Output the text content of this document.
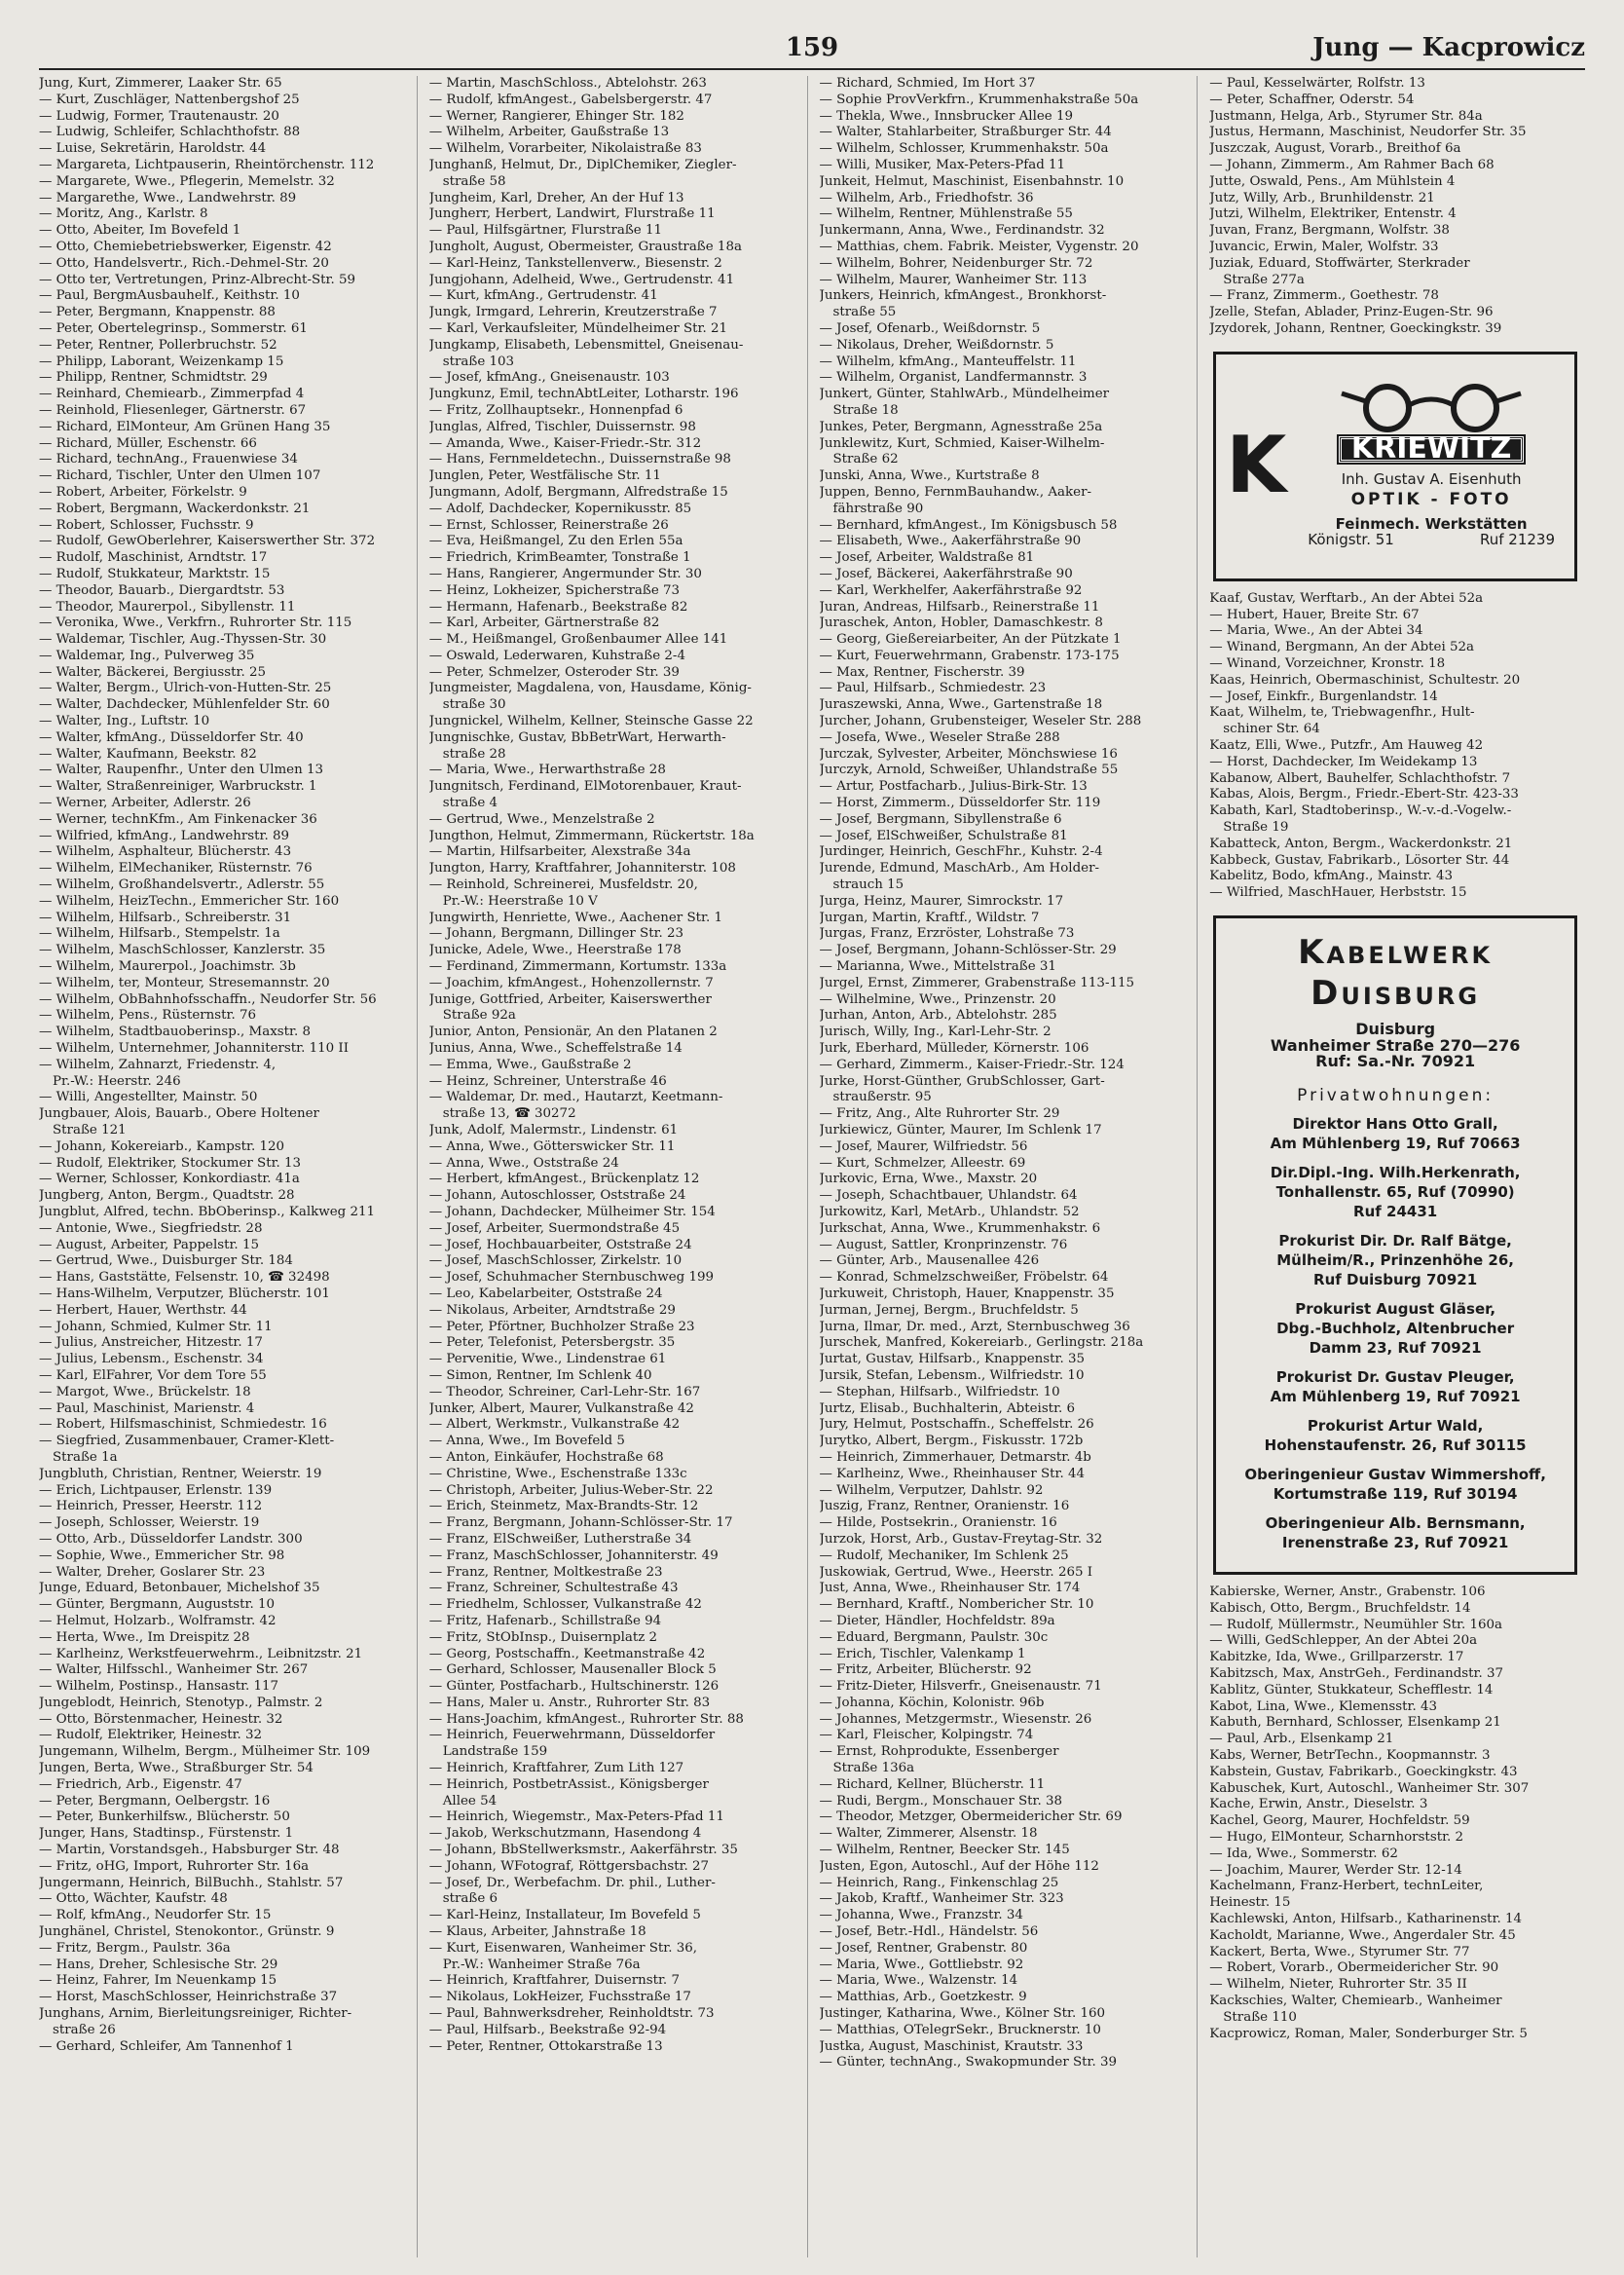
159	Jung — Kacprowicz
Jung, Kurt, Zimmerer, Laaker Str. 65
— Kurt, Zuschläger, Nattenbergshof 25
— Ludwig, Former, Trautenaustr. 20
— Ludwig, Schleifer, Schlachthofstr. 88
— Luise, Sekretärin, Haroldstr. 44
— Margareta, Lichtpauserin, Rheintörchenstr. 112
— Margarete, Wwe., Pflegerin, Memelstr. 32
— Margarethe, Wwe., Landwehrstr. 89
— Moritz, Ang., Karlstr. 8
— Otto, Abeiter, Im Bovefeld 1
— Otto, Chemiebetriebswerker, Eigenstr. 42
— Otto, Handelsvertr., Rich.-Dehmel-Str. 20
— Otto ter, Vertretungen, Prinz-Albrecht-Str. 59
— Paul, BergmAusbauhelf., Keithstr. 10
— Peter, Bergmann, Knappenstr. 88
— Peter, Obertelegrinsp., Sommerstr. 61
— Peter, Rentner, Pollerbruchstr. 52
— Philipp, Laborant, Weizenkamp 15
— Philipp, Rentner, Schmidtstr. 29
— Reinhard, Chemiearb., Zimmerpfad 4
— Reinhold, Fliesenleger, Gärtnerstr. 67
— Richard, ElMonteur, Am Grünen Hang 35
— Richard, Müller, Eschenstr. 66
— Richard, technAng., Frauenwiese 34
— Richard, Tischler, Unter den Ulmen 107
— Robert, Arbeiter, Förkelstr. 9
— Robert, Bergmann, Wackerdonkstr. 21
— Robert, Schlosser, Fuchsstr. 9
— Rudolf, GewOberlehrer, Kaiserswerther Str. 372
— Rudolf, Maschinist, Arndtstr. 17
— Rudolf, Stukkateur, Marktstr. 15
— Theodor, Bauarb., Diergardtstr. 53
— Theodor, Maurerpol., Sibyllenstr. 11
— Veronika, Wwe., Verkfrn., Ruhrorter Str. 115
— Waldemar, Tischler, Aug.-Thyssen-Str. 30
— Waldemar, Ing., Pulverweg 35
— Walter, Bäckerei, Bergiusstr. 25
— Walter, Bergm., Ulrich-von-Hutten-Str. 25
— Walter, Dachdecker, Mühlenfelder Str. 60
— Walter, Ing., Luftstr. 10
— Walter, kfmAng., Düsseldorfer Str. 40
— Walter, Kaufmann, Beekstr. 82
— Walter, Raupenfhr., Unter den Ulmen 13
— Walter, Straßenreiniger, Warbruckstr. 1
— Werner, Arbeiter, Adlerstr. 26
— Werner, technKfm., Am Finkenacker 36
— Wilfried, kfmAng., Landwehrstr. 89
— Wilhelm, Asphalteur, Blücherstr. 43
— Wilhelm, ElMechaniker, Rüsternstr. 76
— Wilhelm, Großhandelsvertr., Adlerstr. 55
— Wilhelm, HeizTechn., Emmericher Str. 160
— Wilhelm, Hilfsarb., Schreiberstr. 31
— Wilhelm, Hilfsarb., Stempelstr. 1a
— Wilhelm, MaschSchlosser, Kanzlerstr. 35
— Wilhelm, Maurerpol., Joachimstr. 3b
— Wilhelm, ter, Monteur, Stresemannstr. 20
— Wilhelm, ObBahnhofsschaffn., Neudorfer Str. 56
— Wilhelm, Pens., Rüsternstr. 76
— Wilhelm, Stadtbauoberinsp., Maxstr. 8
— Wilhelm, Unternehmer, Johanniterstr. 110 II
— Wilhelm, Zahnarzt, Friedenstr. 4,
Pr.-W.: Heerstr. 246
— Willi, Angestellter, Mainstr. 50
Jungbauer, Alois, Bauarb., Obere Holtener
Straße 121
— Johann, Kokereiarb., Kampstr. 120
— Rudolf, Elektriker, Stockumer Str. 13
— Werner, Schlosser, Konkordiastr. 41a
Jungberg, Anton, Bergm., Quadtstr. 28
Jungblut, Alfred, techn. BbOberinsp., Kalkweg 211
— Antonie, Wwe., Siegfriedstr. 28
— August, Arbeiter, Pappelstr. 15
— Gertrud, Wwe., Duisburger Str. 184
— Hans, Gaststätte, Felsenstr. 10, ☎ 32498
— Hans-Wilhelm, Verputzer, Blücherstr. 101
— Herbert, Hauer, Werthstr. 44
— Johann, Schmied, Kulmer Str. 11
— Julius, Anstreicher, Hitzestr. 17
— Julius, Lebensm., Eschenstr. 34
— Karl, ElFahrer, Vor dem Tore 55
— Margot, Wwe., Brückelstr. 18
— Paul, Maschinist, Marienstr. 4
— Robert, Hilfsmaschinist, Schmiedestr. 16
— Siegfried, Zusammenbauer, Cramer-Klett-
Straße 1a
Jungbluth, Christian, Rentner, Weierstr. 19
— Erich, Lichtpauser, Erlenstr. 139
— Heinrich, Presser, Heerstr. 112
— Joseph, Schlosser, Weierstr. 19
— Otto, Arb., Düsseldorfer Landstr. 300
— Sophie, Wwe., Emmericher Str. 98
— Walter, Dreher, Goslarer Str. 23
Junge, Eduard, Betonbauer, Michelshof 35
— Günter, Bergmann, Auguststr. 10
— Helmut, Holzarb., Wolframstr. 42
— Herta, Wwe., Im Dreispitz 28
— Karlheinz, Werkstfeuerwehrm., Leibnitzstr. 21
— Walter, Hilfsschl., Wanheimer Str. 267
— Wilhelm, Postinsp., Hansastr. 117
Jungeblodt, Heinrich, Stenotyp., Palmstr. 2
— Otto, Börstenmacher, Heinestr. 32
— Rudolf, Elektriker, Heinestr. 32
Jungemann, Wilhelm, Bergm., Mülheimer Str. 109
Jungen, Berta, Wwe., Straßburger Str. 54
— Friedrich, Arb., Eigenstr. 47
— Peter, Bergmann, Oelbergstr. 16
— Peter, Bunkerhilfsw., Blücherstr. 50
Junger, Hans, Stadtinsp., Fürstenstr. 1
— Martin, Vorstandsgeh., Habsburger Str. 48
— Fritz, oHG, Import, Ruhrorter Str. 16a
Jungermann, Heinrich, BilBuchh., Stahlstr. 57
— Otto, Wächter, Kaufstr. 48
— Rolf, kfmAng., Neudorfer Str. 15
Junghänel, Christel, Stenokontor., Grünstr. 9
— Fritz, Bergm., Paulstr. 36a
— Hans, Dreher, Schlesische Str. 29
— Heinz, Fahrer, Im Neuenkamp 15
— Horst, MaschSchlosser, Heinrichstraße 37
Junghans, Arnim, Bierleitungsreiniger, Richter-
straße 26
— Gerhard, Schleifer, Am Tannenhof 1
— Martin, MaschSchloss., Abtelohstr. 263
— Rudolf, kfmAngest., Gabelsbergerstr. 47
— Werner, Rangierer, Ehinger Str. 182
— Wilhelm, Arbeiter, Gaußstraße 13
— Wilhelm, Vorarbeiter, Nikolaistraße 83
Junghanß, Helmut, Dr., DiplChemiker, Ziegler-
straße 58
Jungheim, Karl, Dreher, An der Huf 13
Jungherr, Herbert, Landwirt, Flurstraße 11
— Paul, Hilfsgärtner, Flurstraße 11
Jungholt, August, Obermeister, Graustraße 18a
— Karl-Heinz, Tankstellenverw., Biesenstr. 2
Jungjohann, Adelheid, Wwe., Gertrudenstr. 41
— Kurt, kfmAng., Gertrudenstr. 41
Jungk, Irmgard, Lehrerin, Kreutzerstraße 7
— Karl, Verkaufsleiter, Mündelheimer Str. 21
Jungkamp, Elisabeth, Lebensmittel, Gneisenau-
straße 103
— Josef, kfmAng., Gneisenaustr. 103
Jungkunz, Emil, technAbtLeiter, Lotharstr. 196
— Fritz, Zollhauptsekr., Honnenpfad 6
Junglas, Alfred, Tischler, Duissernstr. 98
— Amanda, Wwe., Kaiser-Friedr.-Str. 312
— Hans, Fernmeldetechn., Duissernstraße 98
Junglen, Peter, Westfälische Str. 11
Jungmann, Adolf, Bergmann, Alfredstraße 15
— Adolf, Dachdecker, Kopernikusstr. 85
— Ernst, Schlosser, Reinerstraße 26
— Eva, Heißmangel, Zu den Erlen 55a
— Friedrich, KrimBeamter, Tonstraße 1
— Hans, Rangierer, Angermunder Str. 30
— Heinz, Lokheizer, Spicherstraße 73
— Hermann, Hafenarb., Beekstraße 82
— Karl, Arbeiter, Gärtnerstraße 82
— M., Heißmangel, Großenbaumer Allee 141
— Oswald, Lederwaren, Kuhstraße 2-4
— Peter, Schmelzer, Osteroder Str. 39
Jungmeister, Magdalena, von, Hausdame, König-
straße 30
Jungnickel, Wilhelm, Kellner, Steinsche Gasse 22
Jungnischke, Gustav, BbBetrWart, Herwarth-
straße 28
— Maria, Wwe., Herwarthstraße 28
Jungnitsch, Ferdinand, ElMotorenbauer, Kraut-
straße 4
— Gertrud, Wwe., Menzelstraße 2
Jungthon, Helmut, Zimmermann, Rückertstr. 18a
— Martin, Hilfsarbeiter, Alexstraße 34a
Jungton, Harry, Kraftfahrer, Johanniterstr. 108
— Reinhold, Schreinerei, Musfeldstr. 20,
Pr.-W.: Heerstraße 10 V
Jungwirth, Henriette, Wwe., Aachener Str. 1
— Johann, Bergmann, Dillinger Str. 23
Junicke, Adele, Wwe., Heerstraße 178
— Ferdinand, Zimmermann, Kortumstr. 133a
— Joachim, kfmAngest., Hohenzollernstr. 7
Junige, Gottfried, Arbeiter, Kaiserswerther
Straße 92a
Junior, Anton, Pensionär, An den Platanen 2
Junius, Anna, Wwe., Scheffelstraße 14
— Emma, Wwe., Gaußstraße 2
— Heinz, Schreiner, Unterstraße 46
— Waldemar, Dr. med., Hautarzt, Keetmann-
straße 13, ☎ 30272
Junk, Adolf, Malermstr., Lindenstr. 61
— Anna, Wwe., Götterswicker Str. 11
— Anna, Wwe., Oststraße 24
— Herbert, kfmAngest., Brückenplatz 12
— Johann, Autoschlosser, Oststraße 24
— Johann, Dachdecker, Mülheimer Str. 154
— Josef, Arbeiter, Suermondstraße 45
— Josef, Hochbauarbeiter, Oststraße 24
— Josef, MaschSchlosser, Zirkelstr. 10
— Josef, Schuhmacher Sternbuschweg 199
— Leo, Kabelarbeiter, Oststraße 24
— Nikolaus, Arbeiter, Arndtstraße 29
— Peter, Pförtner, Buchholzer Straße 23
— Peter, Telefonist, Petersbergstr. 35
— Pervenitie, Wwe., Lindenstrae 61
— Simon, Rentner, Im Schlenk 40
— Theodor, Schreiner, Carl-Lehr-Str. 167
Junker, Albert, Maurer, Vulkanstraße 42
— Albert, Werkmstr., Vulkanstraße 42
— Anna, Wwe., Im Bovefeld 5
— Anton, Einkäufer, Hochstraße 68
— Christine, Wwe., Eschenstraße 133c
— Christoph, Arbeiter, Julius-Weber-Str. 22
— Erich, Steinmetz, Max-Brandts-Str. 12
— Franz, Bergmann, Johann-Schlösser-Str. 17
— Franz, ElSchweißer, Lutherstraße 34
— Franz, MaschSchlosser, Johanniterstr. 49
— Franz, Rentner, Moltkestraße 23
— Franz, Schreiner, Schultestraße 43
— Friedhelm, Schlosser, Vulkanstraße 42
— Fritz, Hafenarb., Schillstraße 94
— Fritz, StObInsp., Duisernplatz 2
— Georg, Postschaffn., Keetmanstraße 42
— Gerhard, Schlosser, Mausenaller Block 5
— Günter, Postfacharb., Hultschinerstr. 126
— Hans, Maler u. Anstr., Ruhrorter Str. 83
— Hans-Joachim, kfmAngest., Ruhrorter Str. 88
— Heinrich, Feuerwehrmann, Düsseldorfer
Landstraße 159
— Heinrich, Kraftfahrer, Zum Lith 127
— Heinrich, PostbetrAssist., Königsberger
Allee 54
— Heinrich, Wiegemstr., Max-Peters-Pfad 11
— Jakob, Werkschutzmann, Hasendong 4
— Johann, BbStellwerksmstr., Aakerfährstr. 35
— Johann, WFotograf, Röttgersbachstr. 27
— Josef, Dr., Werbefachm. Dr. phil., Luther-
straße 6
— Karl-Heinz, Installateur, Im Bovefeld 5
— Klaus, Arbeiter, Jahnstraße 18
— Kurt, Eisenwaren, Wanheimer Str. 36,
Pr.-W.: Wanheimer Straße 76a
— Heinrich, Kraftfahrer, Duisernstr. 7
— Nikolaus, LokHeizer, Fuchsstraße 17
— Paul, Bahnwerksdreher, Reinholdtstr. 73
— Paul, Hilfsarb., Beekstraße 92-94
— Peter, Rentner, Ottokarstraße 13
— Richard, Schmied, Im Hort 37
— Sophie ProvVerkfrn., Krummenhakstraße 50a
— Thekla, Wwe., Innsbrucker Allee 19
— Walter, Stahlarbeiter, Straßburger Str. 44
— Wilhelm, Schlosser, Krummenhakstr. 50a
— Willi, Musiker, Max-Peters-Pfad 11
Junkeit, Helmut, Maschinist, Eisenbahnstr. 10
— Wilhelm, Arb., Friedhofstr. 36
— Wilhelm, Rentner, Mühlenstraße 55
Junkermann, Anna, Wwe., Ferdinandstr. 32
— Matthias, chem. Fabrik. Meister, Vygenstr. 20
— Wilhelm, Bohrer, Neidenburger Str. 72
— Wilhelm, Maurer, Wanheimer Str. 113
Junkers, Heinrich, kfmAngest., Bronkhorst-
straße 55
— Josef, Ofenarb., Weißdornstr. 5
— Nikolaus, Dreher, Weißdornstr. 5
— Wilhelm, kfmAng., Manteuffelstr. 11
— Wilhelm, Organist, Landfermannstr. 3
Junkert, Günter, StahlwArb., Mündelheimer
Straße 18
Junkes, Peter, Bergmann, Agnesstraße 25a
Junklewitz, Kurt, Schmied, Kaiser-Wilhelm-
Straße 62
Junski, Anna, Wwe., Kurtstraße 8
Juppen, Benno, FernmBauhandw., Aaker-
fährstraße 90
— Bernhard, kfmAngest., Im Königsbusch 58
— Elisabeth, Wwe., Aakerfährstraße 90
— Josef, Arbeiter, Waldstraße 81
— Josef, Bäckerei, Aakerfährstraße 90
— Karl, Werkhelfer, Aakerfährstraße 92
Juran, Andreas, Hilfsarb., Reinerstraße 11
Juraschek, Anton, Hobler, Damaschkestr. 8
— Georg, Gießereiarbeiter, An der Pützkate 1
— Kurt, Feuerwehrmann, Grabenstr. 173-175
— Max, Rentner, Fischerstr. 39
— Paul, Hilfsarb., Schmiedestr. 23
Juraszewski, Anna, Wwe., Gartenstraße 18
Jurcher, Johann, Grubensteiger, Weseler Str. 288
— Josefa, Wwe., Weseler Straße 288
Jurczak, Sylvester, Arbeiter, Mönchswiese 16
Jurczyk, Arnold, Schweißer, Uhlandstraße 55
— Artur, Postfacharb., Julius-Birk-Str. 13
— Horst, Zimmerm., Düsseldorfer Str. 119
— Josef, Bergmann, Sibyllenstraße 6
— Josef, ElSchweißer, Schulstraße 81
Jurdinger, Heinrich, GeschFhr., Kuhstr. 2-4
Jurende, Edmund, MaschArb., Am Holder-
strauch 15
Jurga, Heinz, Maurer, Simrockstr. 17
Jurgan, Martin, Kraftf., Wildstr. 7
Jurgas, Franz, Erzröster, Lohstraße 73
— Josef, Bergmann, Johann-Schlösser-Str. 29
— Marianna, Wwe., Mittelstraße 31
Jurgel, Ernst, Zimmerer, Grabenstraße 113-115
— Wilhelmine, Wwe., Prinzenstr. 20
Jurhan, Anton, Arb., Abtelohstr. 285
Jurisch, Willy, Ing., Karl-Lehr-Str. 2
Jurk, Eberhard, Mülleder, Körnerstr. 106
— Gerhard, Zimmerm., Kaiser-Friedr.-Str. 124
Jurke, Horst-Günther, GrubSchlosser, Gart-
straußerstr. 95
— Fritz, Ang., Alte Ruhrorter Str. 29
Jurkiewicz, Günter, Maurer, Im Schlenk 17
— Josef, Maurer, Wilfriedstr. 56
— Kurt, Schmelzer, Alleestr. 69
Jurkovic, Erna, Wwe., Maxstr. 20
— Joseph, Schachtbauer, Uhlandstr. 64
Jurkowitz, Karl, MetArb., Uhlandstr. 52
Jurkschat, Anna, Wwe., Krummenhakstr. 6
— August, Sattler, Kronprinzenstr. 76
— Günter, Arb., Mausenallee 426
— Konrad, Schmelzschweißer, Fröbelstr. 64
Jurkuweit, Christoph, Hauer, Knappenstr. 35
Jurman, Jernej, Bergm., Bruchfeldstr. 5
Jurna, Ilmar, Dr. med., Arzt, Sternbuschweg 36
Jurschek, Manfred, Kokereiarb., Gerlingstr. 218a
Jurtat, Gustav, Hilfsarb., Knappenstr. 35
Jursik, Stefan, Lebensm., Wilfriedstr. 10
— Stephan, Hilfsarb., Wilfriedstr. 10
Jurtz, Elisab., Buchhalterin, Abteistr. 6
Jury, Helmut, Postschaffn., Scheffelstr. 26
Jurytko, Albert, Bergm., Fiskusstr. 172b
— Heinrich, Zimmerhauer, Detmarstr. 4b
— Karlheinz, Wwe., Rheinhauser Str. 44
— Wilhelm, Verputzer, Dahlstr. 92
Juszig, Franz, Rentner, Oranienstr. 16
— Hilde, Postsekrin., Oranienstr. 16
Jurzok, Horst, Arb., Gustav-Freytag-Str. 32
— Rudolf, Mechaniker, Im Schlenk 25
Juskowiak, Gertrud, Wwe., Heerstr. 265 I
Just, Anna, Wwe., Rheinhauser Str. 174
— Bernhard, Kraftf., Nombericher Str. 10
— Dieter, Händler, Hochfeldstr. 89a
— Eduard, Bergmann, Paulstr. 30c
— Erich, Tischler, Valenkamp 1
— Fritz, Arbeiter, Blücherstr. 92
— Fritz-Dieter, Hilsverfr., Gneisenaustr. 71
— Johanna, Köchin, Kolonistr. 96b
— Johannes, Metzgermstr., Wiesenstr. 26
— Karl, Fleischer, Kolpingstr. 74
— Ernst, Rohprodukte, Essenberger
Straße 136a
— Richard, Kellner, Blücherstr. 11
— Rudi, Bergm., Monschauer Str. 38
— Theodor, Metzger, Obermeidericher Str. 69
— Walter, Zimmerer, Alsenstr. 18
— Wilhelm, Rentner, Beecker Str. 145
Justen, Egon, Autoschl., Auf der Höhe 112
— Heinrich, Rang., Finkenschlag 25
— Jakob, Kraftf., Wanheimer Str. 323
— Johanna, Wwe., Franzstr. 34
— Josef, Betr.-Hdl., Händelstr. 56
— Josef, Rentner, Grabenstr. 80
— Maria, Wwe., Gottliebstr. 92
— Maria, Wwe., Walzenstr. 14
— Matthias, Arb., Goetzkestr. 9
Justinger, Katharina, Wwe., Kölner Str. 160
— Matthias, OTelegrSekr., Brucknerstr. 10
Justka, August, Maschinist, Krautstr. 33
— Günter, technAng., Swakopmunder Str. 39
— Paul, Kesselwärter, Rolfstr. 13
— Peter, Schaffner, Oderstr. 54
Justmann, Helga, Arb., Styrumer Str. 84a
Justus, Hermann, Maschinist, Neudorfer Str. 35
Juszczak, August, Vorarb., Breithof 6a
— Johann, Zimmerm., Am Rahmer Bach 68
Jutte, Oswald, Pens., Am Mühlstein 4
Jutz, Willy, Arb., Brunhildenstr. 21
Jutzi, Wilhelm, Elektriker, Entenstr. 4
Juvan, Franz, Bergmann, Wolfstr. 38
Juvancic, Erwin, Maler, Wolfstr. 33
Juziak, Eduard, Stoffwärter, Sterkrader
Straße 277a
— Franz, Zimmerm., Goethestr. 78
Jzelle, Stefan, Ablader, Prinz-Eugen-Str. 96
Jzydorek, Johann, Rentner, Goeckingkstr. 39
K	KRIEWITZ
Inh. Gustav A. Eisenhuth
OPTIK - FOTO
Feinmech. Werkstätten
Königstr. 51	Ruf 21239
Kaaf, Gustav, Werftarb., An der Abtei 52a
— Hubert, Hauer, Breite Str. 67
— Maria, Wwe., An der Abtei 34
— Winand, Bergmann, An der Abtei 52a
— Winand, Vorzeichner, Kronstr. 18
Kaas, Heinrich, Obermaschinist, Schultestr. 20
— Josef, Einkfr., Burgenlandstr. 14
Kaat, Wilhelm, te, Triebwagenfhr., Hult-
schiner Str. 64
Kaatz, Elli, Wwe., Putzfr., Am Hauweg 42
— Horst, Dachdecker, Im Weidekamp 13
Kabanow, Albert, Bauhelfer, Schlachthofstr. 7
Kabas, Alois, Bergm., Friedr.-Ebert-Str. 423-33
Kabath, Karl, Stadtoberinsp., W.-v.-d.-Vogelw.-
Straße 19
Kabatteck, Anton, Bergm., Wackerdonkstr. 21
Kabbeck, Gustav, Fabrikarb., Lösorter Str. 44
Kabelitz, Bodo, kfmAng., Mainstr. 43
— Wilfried, MaschHauer, Herbststr. 15
Kabelwerk
Duisburg
Duisburg
Wanheimer Straße 270—276
Ruf: Sa.-Nr. 70921
Privatwohnungen:
Direktor Hans Otto Grall,
Am Mühlenberg 19, Ruf 70663
Dir.Dipl.-Ing. Wilh.Herkenrath,
Tonhallenstr. 65, Ruf (70990)
Ruf 24431
Prokurist Dir. Dr. Ralf Bätge,
Mülheim/R., Prinzenhöhe 26,
Ruf Duisburg 70921
Prokurist August Gläser,
Dbg.-Buchholz, Altenbrucher
Damm 23, Ruf 70921
Prokurist Dr. Gustav Pleuger,
Am Mühlenberg 19, Ruf 70921
Prokurist Artur Wald,
Hohenstaufenstr. 26, Ruf 30115
Oberingenieur Gustav Wimmershoff,
Kortumstraße 119, Ruf 30194
Oberingenieur Alb. Bernsmann,
Irenenstraße 23, Ruf 70921
Kabierske, Werner, Anstr., Grabenstr. 106
Kabisch, Otto, Bergm., Bruchfeldstr. 14
— Rudolf, Müllermstr., Neumühler Str. 160a
— Willi, GedSchlepper, An der Abtei 20a
Kabitzke, Ida, Wwe., Grillparzerstr. 17
Kabitzsch, Max, AnstrGeh., Ferdinandstr. 37
Kablitz, Günter, Stukkateur, Schefflestr. 14
Kabot, Lina, Wwe., Klemensstr. 43
Kabuth, Bernhard, Schlosser, Elsenkamp 21
— Paul, Arb., Elsenkamp 21
Kabs, Werner, BetrTechn., Koopmannstr. 3
Kabstein, Gustav, Fabrikarb., Goeckingkstr. 43
Kabuschek, Kurt, Autoschl., Wanheimer Str. 307
Kache, Erwin, Anstr., Dieselstr. 3
Kachel, Georg, Maurer, Hochfeldstr. 59
— Hugo, ElMonteur, Scharnhorststr. 2
— Ida, Wwe., Sommerstr. 62
— Joachim, Maurer, Werder Str. 12-14
Kachelmann, Franz-Herbert, technLeiter,
Heinestr. 15
Kachlewski, Anton, Hilfsarb., Katharinenstr. 14
Kacholdt, Marianne, Wwe., Angerdaler Str. 45
Kackert, Berta, Wwe., Styrumer Str. 77
— Robert, Vorarb., Obermeidericher Str. 90
— Wilhelm, Nieter, Ruhrorter Str. 35 II
Kackschies, Walter, Chemiearb., Wanheimer
Straße 110
Kacprowicz, Roman, Maler, Sonderburger Str. 5
